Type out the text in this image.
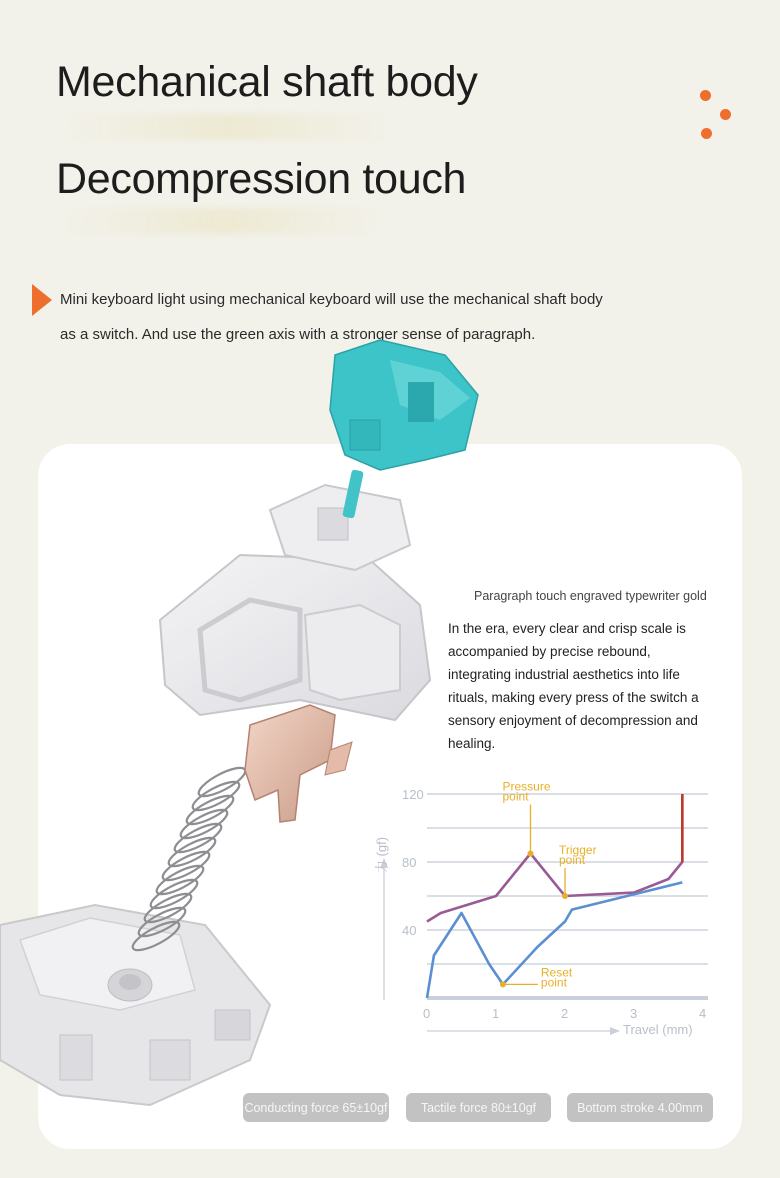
Mechanical shaft body
Decompression touch

Mini keyboard light using mechanical keyboard will use the mechanical shaft body as a switch. And use the green axis with a stronger sense of paragraph.

Paragraph touch engraved typewriter gold
In the era, every clear and crisp scale is accompanied by precise rebound, integrating industrial aesthetics into life rituals, making every press of the switch a sensory enjoyment of decompression and healing.
40
80
120
0	1	2	3	4
力 (gf)
Travel (mm)
Pressure
point
Trigger
point
Reset
point
Conducting force 65±10gf	Tactile force 80±10gf	Bottom stroke 4.00mm
